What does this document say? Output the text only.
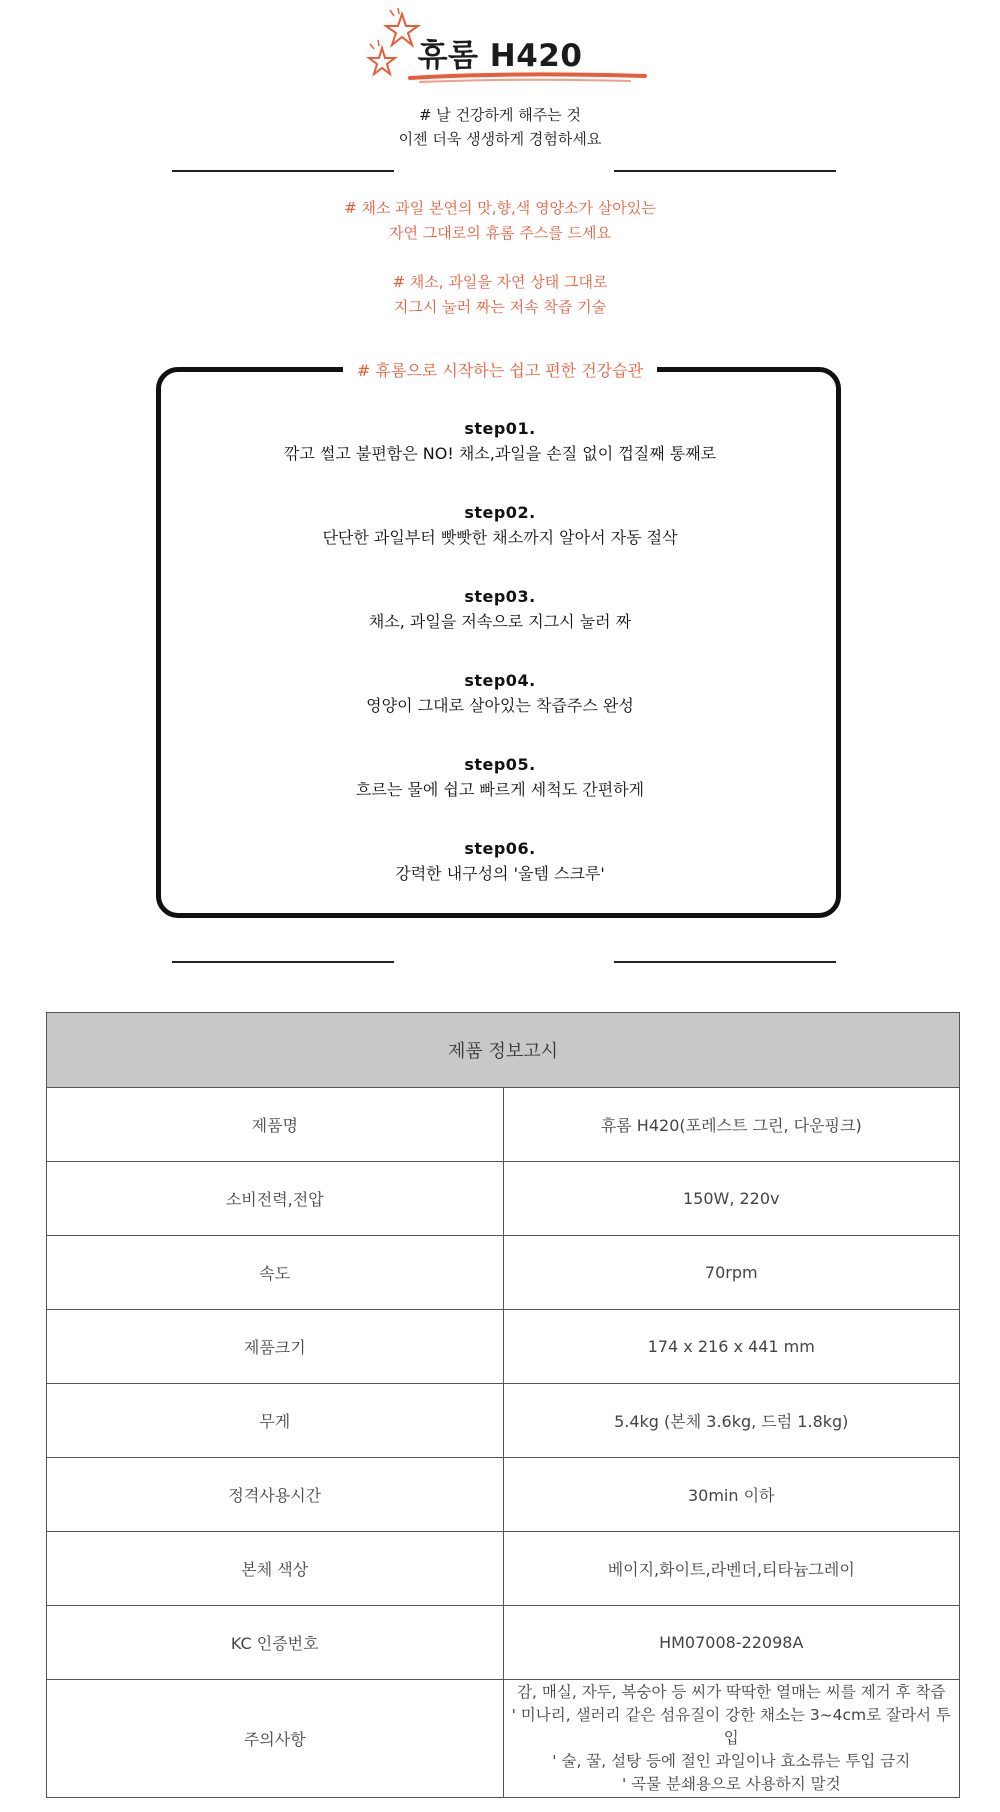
휴롬 H420
# 날 건강하게 해주는 것
이젠 더욱 생생하게 경험하세요
# 채소 과일 본연의 맛,향,색 영양소가 살아있는
자연 그대로의 휴롬 주스를 드세요
# 채소, 과일을 자연 상태 그대로
지그시 눌러 짜는 저속 착즙 기술
# 휴롬으로 시작하는 쉽고 편한 건강습관
step01.
깎고 썰고 불편함은 NO! 채소,과일을 손질 없이 껍질째 통째로
step02.
단단한 과일부터 빳빳한 채소까지 알아서 자동 절삭
step03.
채소, 과일을 저속으로 지그시 눌러 짜
step04.
영양이 그대로 살아있는 착즙주스 완성
step05.
흐르는 물에 쉽고 빠르게 세척도 간편하게
step06.
강력한 내구성의 '울템 스크루'
제품 정보고시	
제품명	휴롬 H420(포레스트 그린, 다운핑크)
소비전력,전압	150W, 220v
속도	70rpm
제품크기	174 x 216 x 441 mm
무게	5.4kg (본체 3.6kg, 드럼 1.8kg)
정격사용시간	30min 이하
본체 색상	베이지,화이트,라벤더,티타늄그레이
KC 인증번호	HM07008-22098A
주의사항	감, 매실, 자두, 복숭아 등 씨가 딱딱한 열매는 씨를 제거 후 착즙
' 미나리, 샐러리 같은 섬유질이 강한 채소는 3~4cm로 잘라서 투입
' 술, 꿀, 설탕 등에 절인 과일이나 효소류는 투입 금지
' 곡물 분쇄용으로 사용하지 말것
